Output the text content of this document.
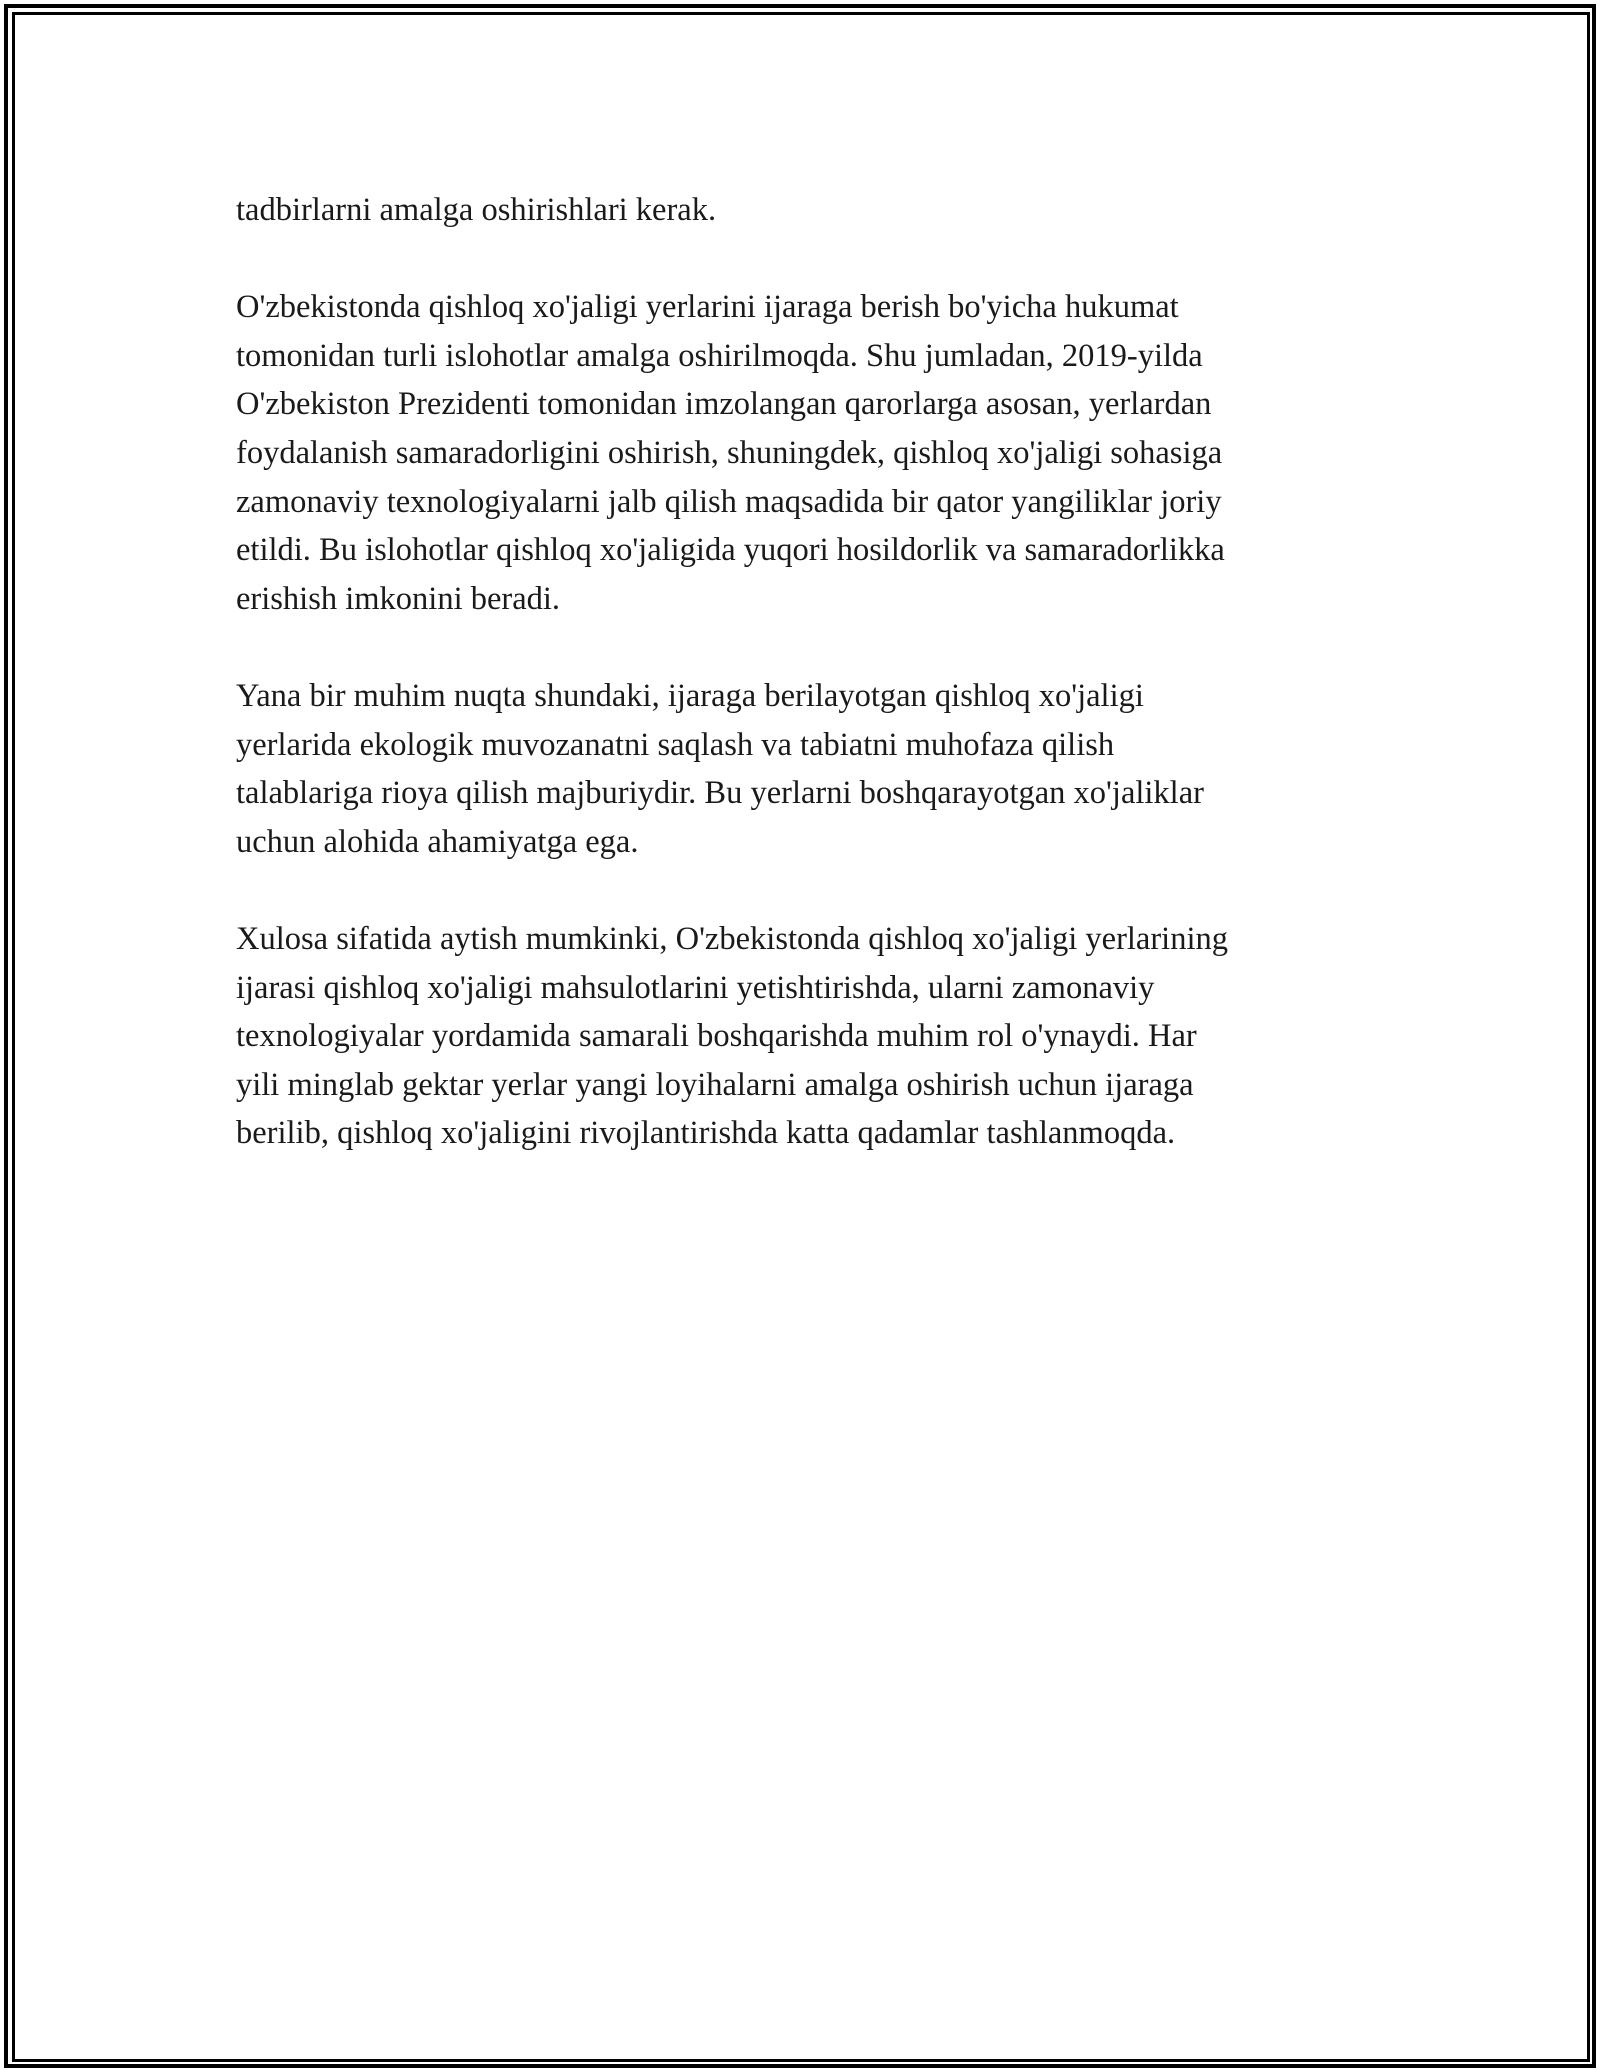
tadbirlarni amalga oshirishlari kerak.

O'zbekistonda qishloq xo'jaligi yerlarini ijaraga berish bo'yicha hukumat
tomonidan turli islohotlar amalga oshirilmoqda. Shu jumladan, 2019-yilda
O'zbekiston Prezidenti tomonidan imzolangan qarorlarga asosan, yerlardan
foydalanish samaradorligini oshirish, shuningdek, qishloq xo'jaligi sohasiga
zamonaviy texnologiyalarni jalb qilish maqsadida bir qator yangiliklar joriy
etildi. Bu islohotlar qishloq xo'jaligida yuqori hosildorlik va samaradorlikka
erishish imkonini beradi.

Yana bir muhim nuqta shundaki, ijaraga berilayotgan qishloq xo'jaligi
yerlarida ekologik muvozanatni saqlash va tabiatni muhofaza qilish
talablariga rioya qilish majburiydir. Bu yerlarni boshqarayotgan xo'jaliklar
uchun alohida ahamiyatga ega.

Xulosa sifatida aytish mumkinki, O'zbekistonda qishloq xo'jaligi yerlarining
ijarasi qishloq xo'jaligi mahsulotlarini yetishtirishda, ularni zamonaviy
texnologiyalar yordamida samarali boshqarishda muhim rol o'ynaydi. Har
yili minglab gektar yerlar yangi loyihalarni amalga oshirish uchun ijaraga
berilib, qishloq xo'jaligini rivojlantirishda katta qadamlar tashlanmoqda.
